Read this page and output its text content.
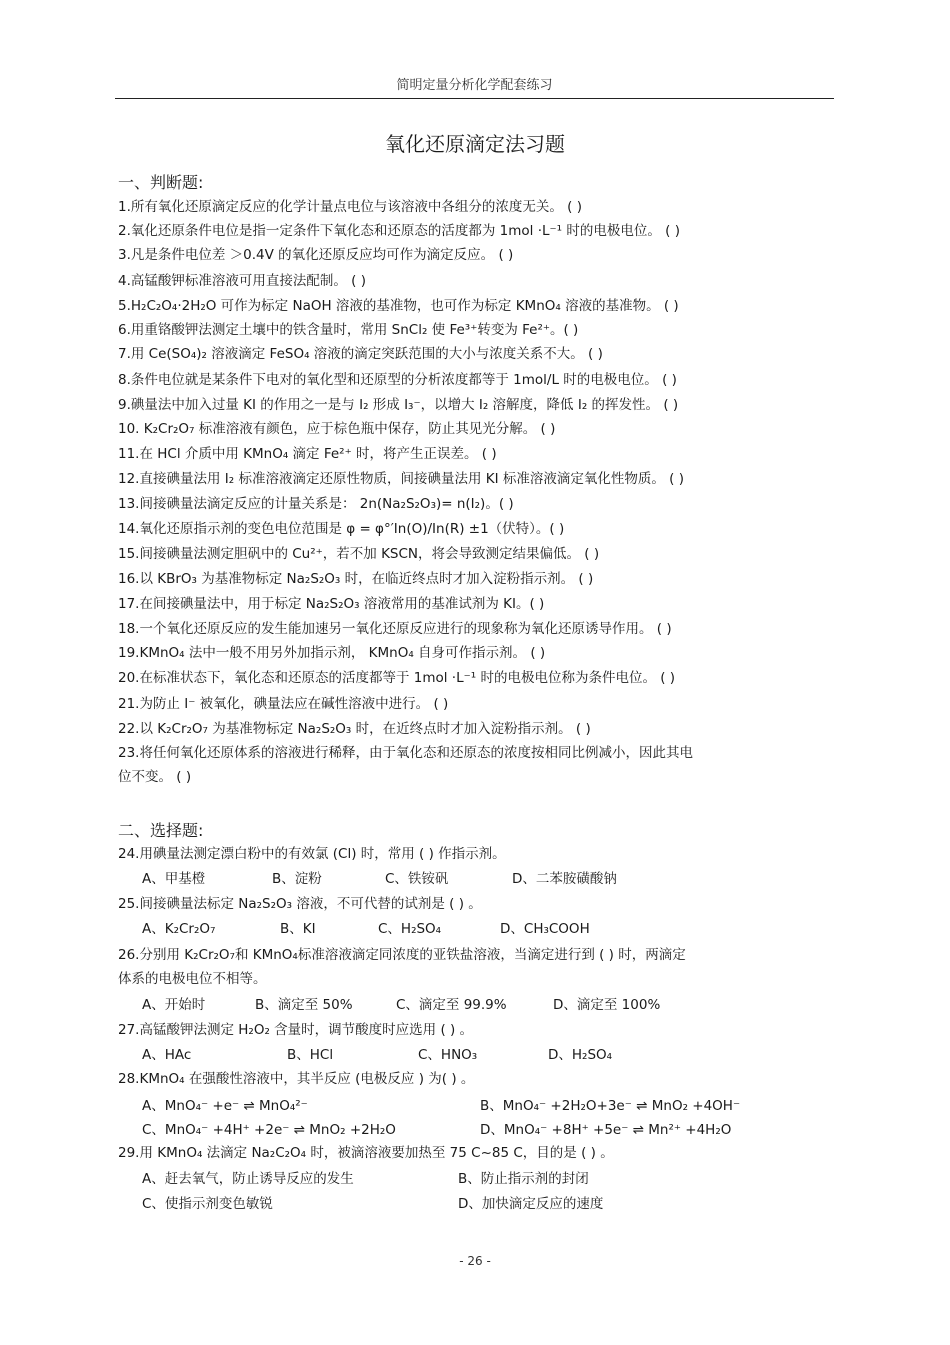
简明定量分析化学配套练习
氧化还原滴定法习题
一、判断题:
1.所有氧化还原滴定反应的化学计量点电位与该溶液中各组分的浓度无关。 ( )
2.氧化还原条件电位是指一定条件下氧化态和还原态的活度都为 1mol ·L⁻¹ 时的电极电位。 ( )
3.凡是条件电位差 ＞0.4V 的氧化还原反应均可作为滴定反应。 ( )
4.高锰酸钾标准溶液可用直接法配制。 ( )
5.H₂C₂O₄·2H₂O 可作为标定 NaOH 溶液的基准物，也可作为标定 KMnO₄ 溶液的基准物。 ( )
6.用重铬酸钾法测定土壤中的铁含量时，常用 SnCl₂ 使 Fe³⁺转变为 Fe²⁺。( )
7.用 Ce(SO₄)₂ 溶液滴定 FeSO₄ 溶液的滴定突跃范围的大小与浓度关系不大。 ( )
8.条件电位就是某条件下电对的氧化型和还原型的分析浓度都等于 1mol/L 时的电极电位。 ( )
9.碘量法中加入过量 KI 的作用之一是与 I₂ 形成 I₃⁻，以增大 I₂ 溶解度，降低 I₂ 的挥发性。 ( )
10. K₂Cr₂O₇ 标准溶液有颜色，应于棕色瓶中保存，防止其见光分解。 ( )
11.在 HCl 介质中用 KMnO₄ 滴定 Fe²⁺ 时，将产生正误差。 ( )
12.直接碘量法用 I₂ 标准溶液滴定还原性物质，间接碘量法用 KI 标准溶液滴定氧化性物质。 ( )
13.间接碘量法滴定反应的计量关系是： 2n(Na₂S₂O₃)= n(I₂)。( )
14.氧化还原指示剂的变色电位范围是 φ = φ°′In(O)/In(R) ±1（伏特）。( )
15.间接碘量法测定胆矾中的 Cu²⁺，若不加 KSCN，将会导致测定结果偏低。 ( )
16.以 KBrO₃ 为基准物标定 Na₂S₂O₃ 时，在临近终点时才加入淀粉指示剂。 ( )
17.在间接碘量法中，用于标定 Na₂S₂O₃ 溶液常用的基准试剂为 KI。( )
18.一个氧化还原反应的发生能加速另一氧化还原反应进行的现象称为氧化还原诱导作用。 ( )
19.KMnO₄ 法中一般不用另外加指示剂， KMnO₄ 自身可作指示剂。 ( )
20.在标准状态下，氧化态和还原态的活度都等于 1mol ·L⁻¹ 时的电极电位称为条件电位。 ( )
21.为防止 I⁻ 被氧化，碘量法应在碱性溶液中进行。 ( )
22.以 K₂Cr₂O₇ 为基准物标定 Na₂S₂O₃ 时，在近终点时才加入淀粉指示剂。 ( )
23.将任何氧化还原体系的溶液进行稀释，由于氧化态和还原态的浓度按相同比例减小，因此其电
位不变。 ( )
二、选择题:
24.用碘量法测定漂白粉中的有效氯 (Cl) 时，常用 ( ) 作指示剂。
A、甲基橙	B、淀粉	C、铁铵矾	D、二苯胺磺酸钠
25.间接碘量法标定 Na₂S₂O₃ 溶液，不可代替的试剂是 ( ) 。
A、K₂Cr₂O₇	B、KI	C、H₂SO₄	D、CH₃COOH
26.分别用 K₂Cr₂O₇和 KMnO₄标准溶液滴定同浓度的亚铁盐溶液，当滴定进行到 ( ) 时，两滴定
体系的电极电位不相等。
A、开始时	B、滴定至 50%	C、滴定至 99.9%	D、滴定至 100%
27.高锰酸钾法测定 H₂O₂ 含量时，调节酸度时应选用 ( ) 。
A、HAc	B、HCl	C、HNO₃	D、H₂SO₄
28.KMnO₄ 在强酸性溶液中，其半反应 (电极反应 ) 为( ) 。
A、MnO₄⁻ +e⁻ ⇌ MnO₄²⁻	B、MnO₄⁻ +2H₂O+3e⁻ ⇌ MnO₂ +4OH⁻
C、MnO₄⁻ +4H⁺ +2e⁻ ⇌ MnO₂ +2H₂O	D、MnO₄⁻ +8H⁺ +5e⁻ ⇌ Mn²⁺ +4H₂O
29.用 KMnO₄ 法滴定 Na₂C₂O₄ 时，被滴溶液要加热至 75 C~85 C，目的是 ( ) 。
A、赶去氧气，防止诱导反应的发生	B、防止指示剂的封闭
C、使指示剂变色敏锐	D、加快滴定反应的速度
- 26 -
